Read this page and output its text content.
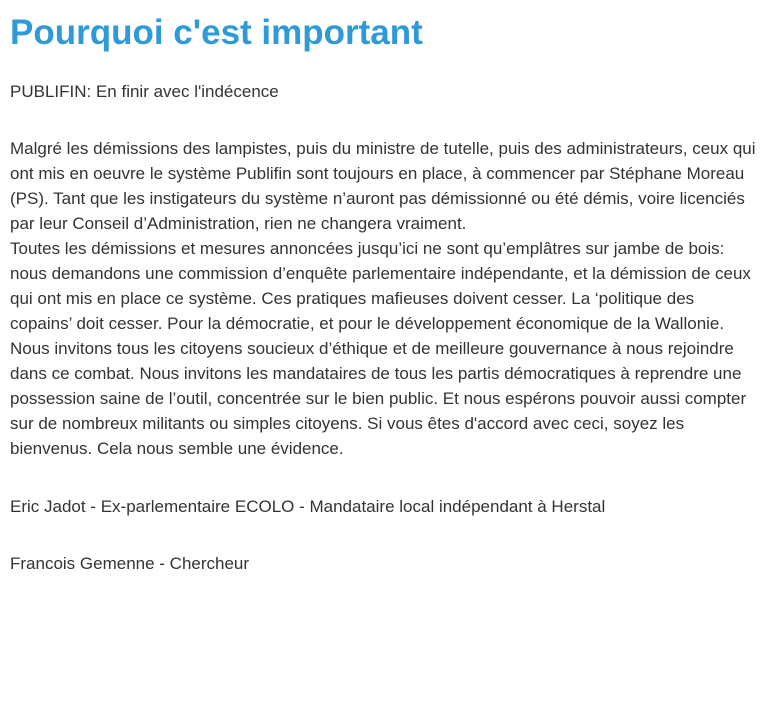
Pourquoi c'est important
PUBLIFIN: En finir avec l'indécence

Malgré les démissions des lampistes, puis du ministre de tutelle, puis des administrateurs, ceux qui ont mis en oeuvre le système Publifin sont toujours en place, à commencer par Stéphane Moreau (PS). Tant que les instigateurs du système n’auront pas démissionné ou été démis, voire licenciés par leur Conseil d’Administration, rien ne changera vraiment.

Toutes les démissions et mesures annoncées jusqu’ici ne sont qu’emplâtres sur jambe de bois: nous demandons une commission d’enquête parlementaire indépendante, et la démission de ceux qui ont mis en place ce système. Ces pratiques mafieuses doivent cesser. La ‘politique des copains’ doit cesser. Pour la démocratie, et pour le développement économique de la Wallonie.

Nous invitons tous les citoyens soucieux d’éthique et de meilleure gouvernance à nous rejoindre dans ce combat. Nous invitons les mandataires de tous les partis démocratiques à reprendre une possession saine de l’outil, concentrée sur le bien public. Et nous espérons pouvoir aussi compter sur de nombreux militants ou simples citoyens. Si vous êtes d'accord avec ceci, soyez les bienvenus. Cela nous semble une évidence.

Eric Jadot - Ex-parlementaire ECOLO - Mandataire local indépendant à Herstal
Francois Gemenne - Chercheur
